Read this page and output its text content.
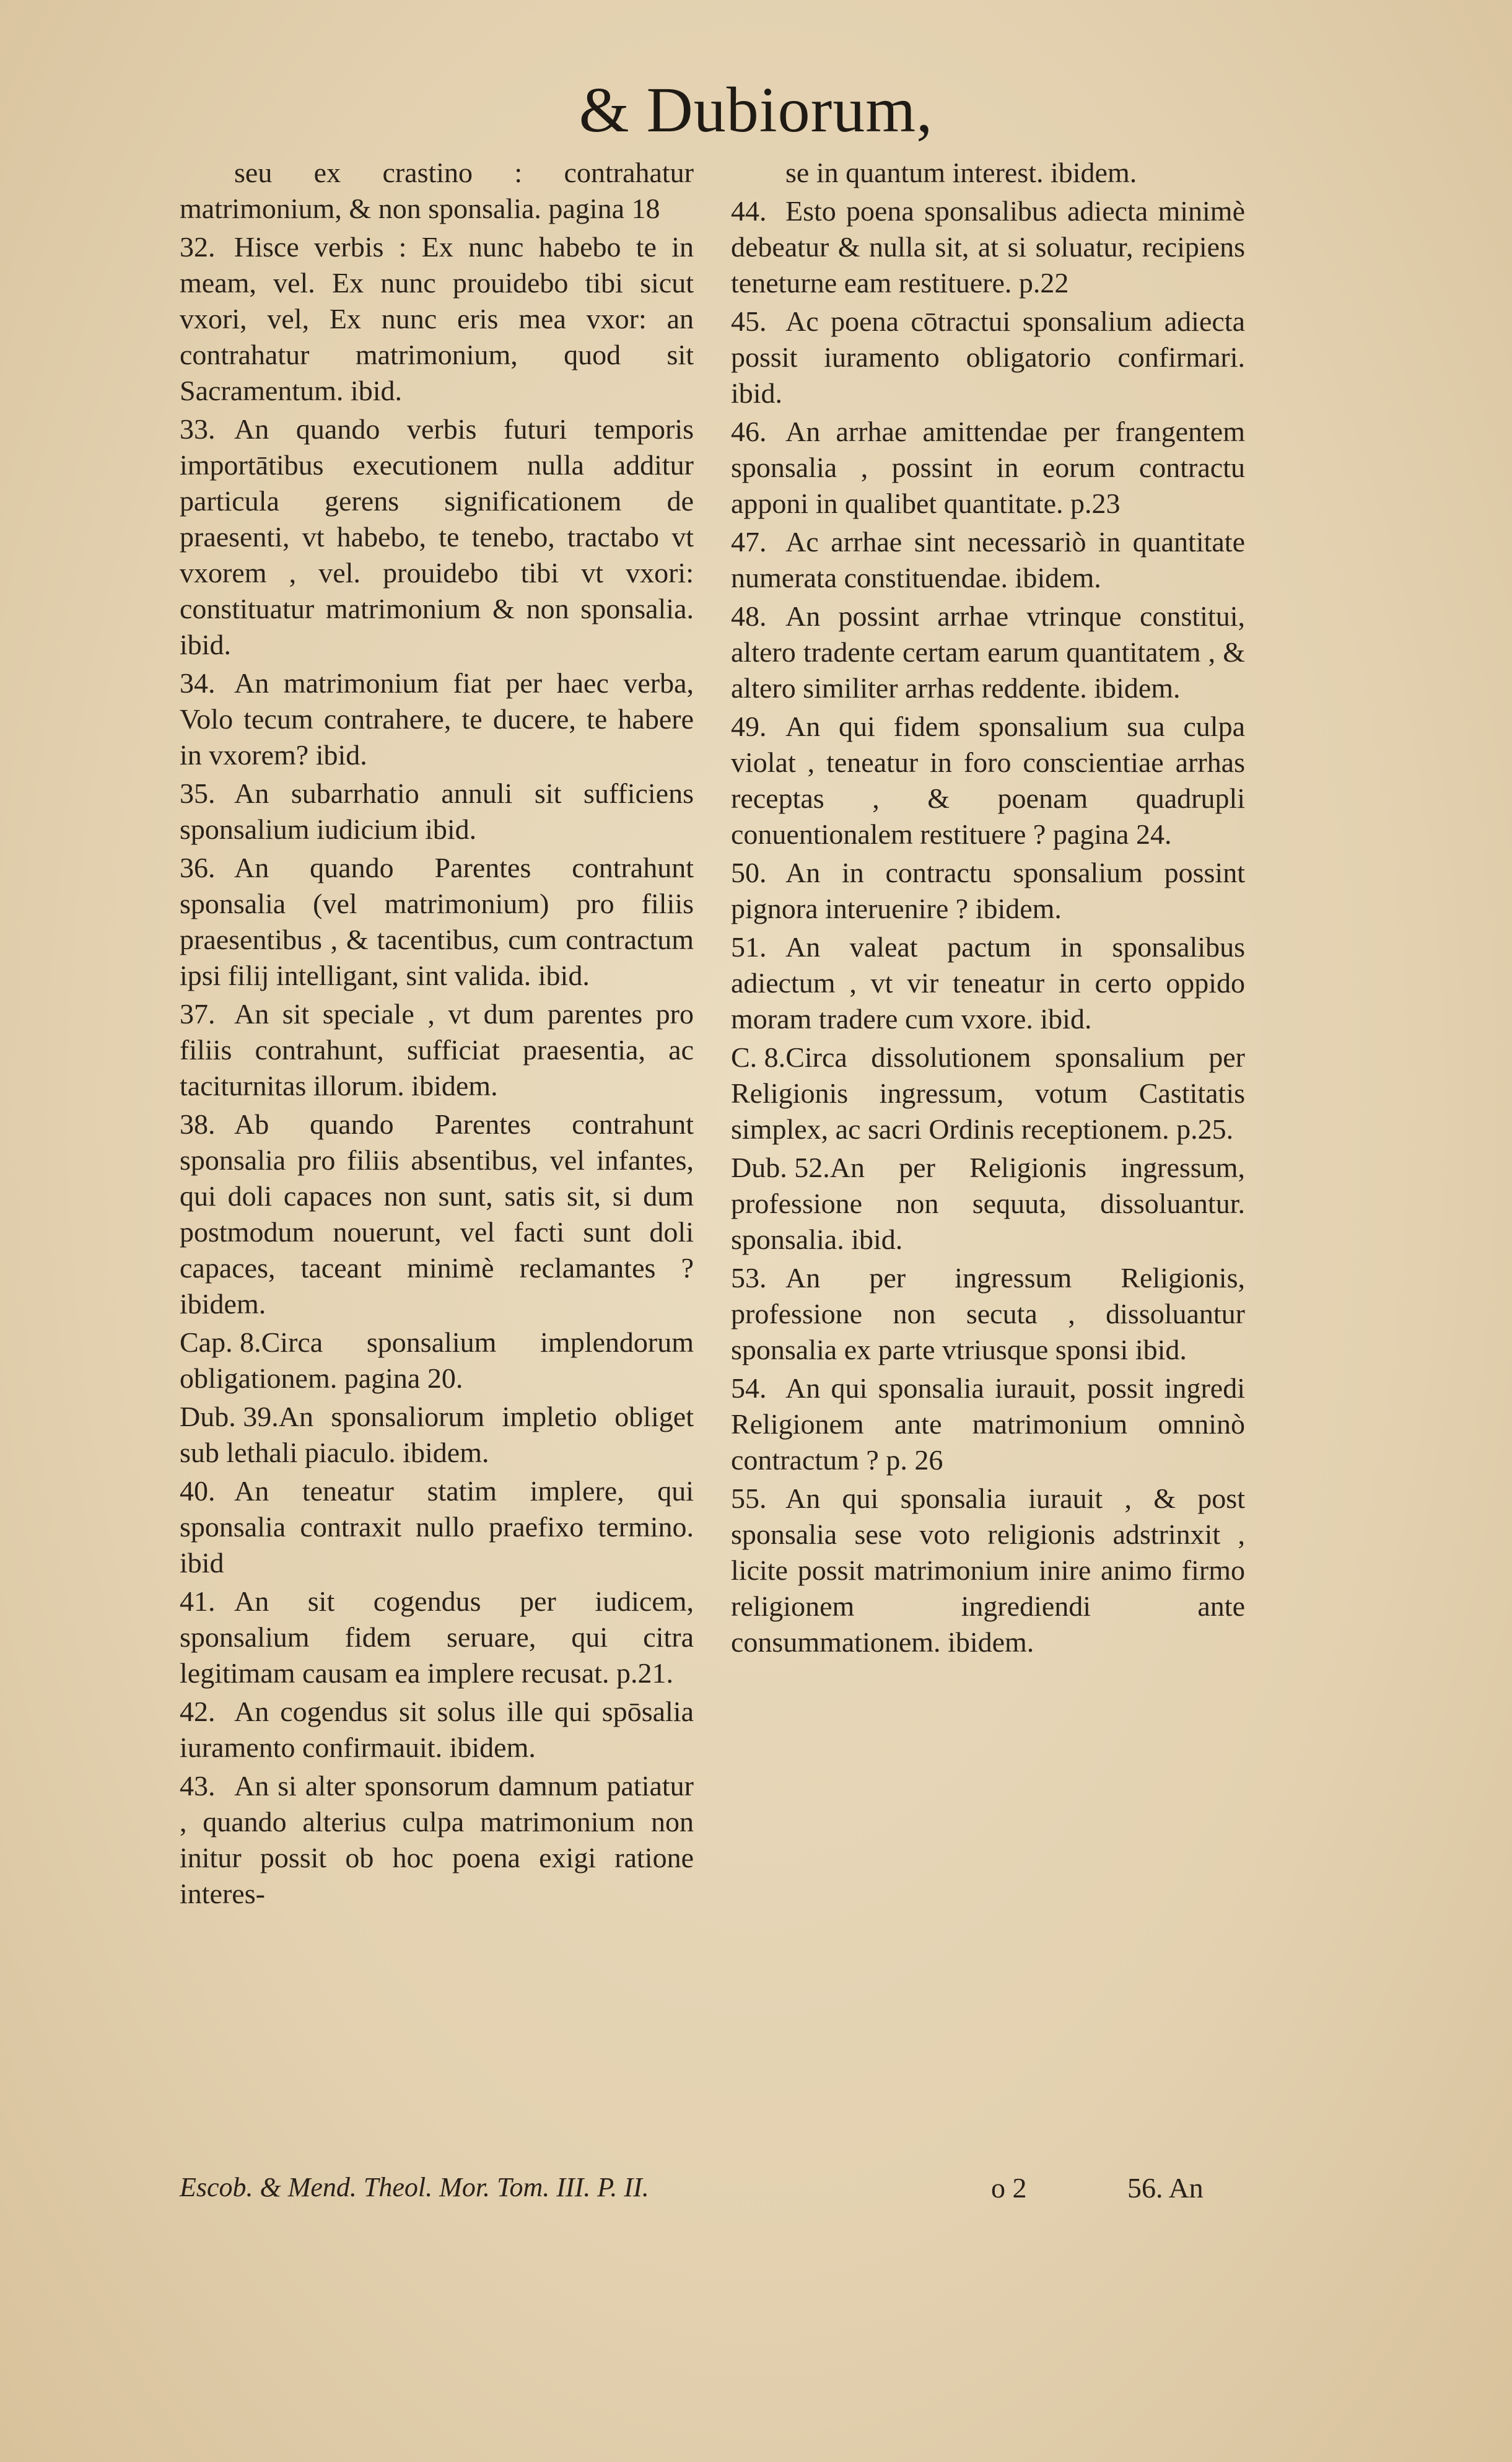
& Dubiorum,
seu ex crastino : contrahatur matrimonium, & non sponsalia. pagina 18
32. Hisce verbis : Ex nunc habebo te in meam, vel. Ex nunc prouidebo tibi sicut vxori, vel, Ex nunc eris mea vxor: an contrahatur matrimonium, quod sit Sacramentum. ibid.
33. An quando verbis futuri temporis importātibus executionem nulla additur particula gerens significationem de praesenti, vt habebo, te tenebo, tractabo vt vxorem , vel. prouidebo tibi vt vxori: constituatur matrimonium & non sponsalia. ibid.
34. An matrimonium fiat per haec verba, Volo tecum contrahere, te ducere, te habere in vxorem? ibid.
35. An subarrhatio annuli sit sufficiens sponsalium iudicium ibid.
36. An quando Parentes contrahunt sponsalia (vel matrimonium) pro filiis praesentibus , & tacentibus, cum contractum ipsi filij intelligant, sint valida. ibid.
37. An sit speciale , vt dum parentes pro filiis contrahunt, sufficiat praesentia, ac taciturnitas illorum. ibidem.
38. Ab quando Parentes contrahunt sponsalia pro filiis absentibus, vel infantes, qui doli capaces non sunt, satis sit, si dum postmodum nouerunt, vel facti sunt doli capaces, taceant minimè reclamantes ? ibidem.
Cap. 8.Circa sponsalium implendorum obligationem. pagina 20.
Dub. 39.An sponsaliorum impletio obliget sub lethali piaculo. ibidem.
40. An teneatur statim implere, qui sponsalia contraxit nullo praefixo termino. ibid
41. An sit cogendus per iudicem, sponsalium fidem seruare, qui citra legitimam causam ea implere recusat. p.21.
42. An cogendus sit solus ille qui spōsalia iuramento confirmauit. ibidem.
43. An si alter sponsorum damnum patiatur , quando alterius culpa matrimonium non initur possit ob hoc poena exigi ratione interes-
se in quantum interest. ibidem.
44. Esto poena sponsalibus adiecta minimè debeatur & nulla sit, at si soluatur, recipiens teneturne eam restituere. p.22
45. Ac poena cōtractui sponsalium adiecta possit iuramento obligatorio confirmari. ibid.
46. An arrhae amittendae per frangentem sponsalia , possint in eorum contractu apponi in qualibet quantitate. p.23
47. Ac arrhae sint necessariò in quantitate numerata constituendae. ibidem.
48. An possint arrhae vtrinque constitui, altero tradente certam earum quantitatem , & altero similiter arrhas reddente. ibidem.
49. An qui fidem sponsalium sua culpa violat , teneatur in foro conscientiae arrhas receptas , & poenam quadrupli conuentionalem restituere ? pagina 24.
50. An in contractu sponsalium possint pignora interuenire ? ibidem.
51. An valeat pactum in sponsalibus adiectum , vt vir teneatur in certo oppido moram tradere cum vxore. ibid.
C. 8.Circa dissolutionem sponsalium per Religionis ingressum, votum Castitatis simplex, ac sacri Ordinis receptionem. p.25.
Dub. 52.An per Religionis ingressum, professione non sequuta, dissoluantur. sponsalia. ibid.
53. An per ingressum Religionis, professione non secuta , dissoluantur sponsalia ex parte vtriusque sponsi ibid.
54. An qui sponsalia iurauit, possit ingredi Religionem ante matrimonium omninò contractum ? p. 26
55. An qui sponsalia iurauit , & post sponsalia sese voto religionis adstrinxit , licite possit matrimonium inire animo firmo religionem ingrediendi ante consummationem. ibidem.
Escob. & Mend. Theol. Mor. Tom. III. P. II.	o 2	56. An
